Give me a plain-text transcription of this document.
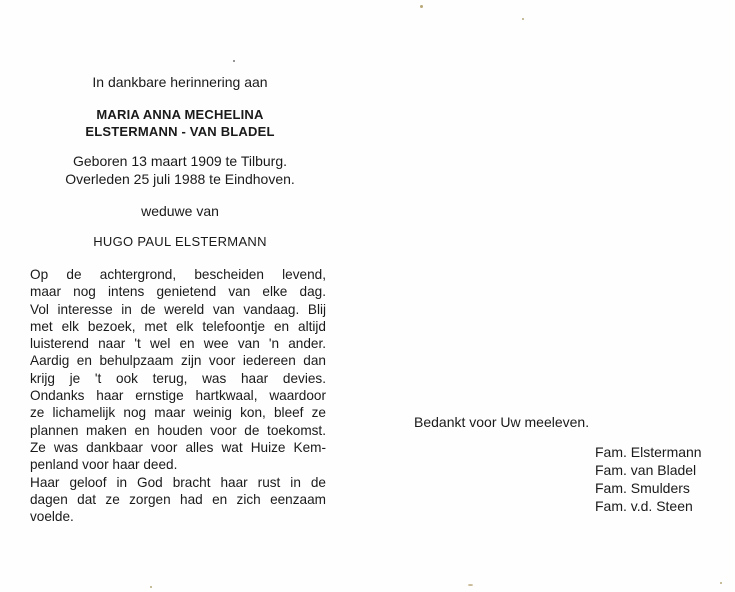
In dankbare herinnering aan
MARIA ANNA MECHELINA
ELSTERMANN - VAN BLADEL
Geboren 13 maart 1909 te Tilburg.
Overleden 25 juli 1988 te Eindhoven.
weduwe van
HUGO PAUL ELSTERMANN
Op de achtergrond, bescheiden levend,
maar nog intens genietend van elke dag.
Vol interesse in de wereld van vandaag. Blij
met elk bezoek, met elk telefoontje en altijd
luisterend naar 't wel en wee van 'n ander.
Aardig en behulpzaam zijn voor iedereen dan
krijg je 't ook terug, was haar devies.
Ondanks haar ernstige hartkwaal, waardoor
ze lichamelijk nog maar weinig kon, bleef ze
plannen maken en houden voor de toekomst.
Ze was dankbaar voor alles wat Huize Kem-
penland voor haar deed.
Haar geloof in God bracht haar rust in de
dagen dat ze zorgen had en zich eenzaam
voelde.
Bedankt voor Uw meeleven.
Fam. Elstermann
Fam. van Bladel
Fam. Smulders
Fam. v.d. Steen
